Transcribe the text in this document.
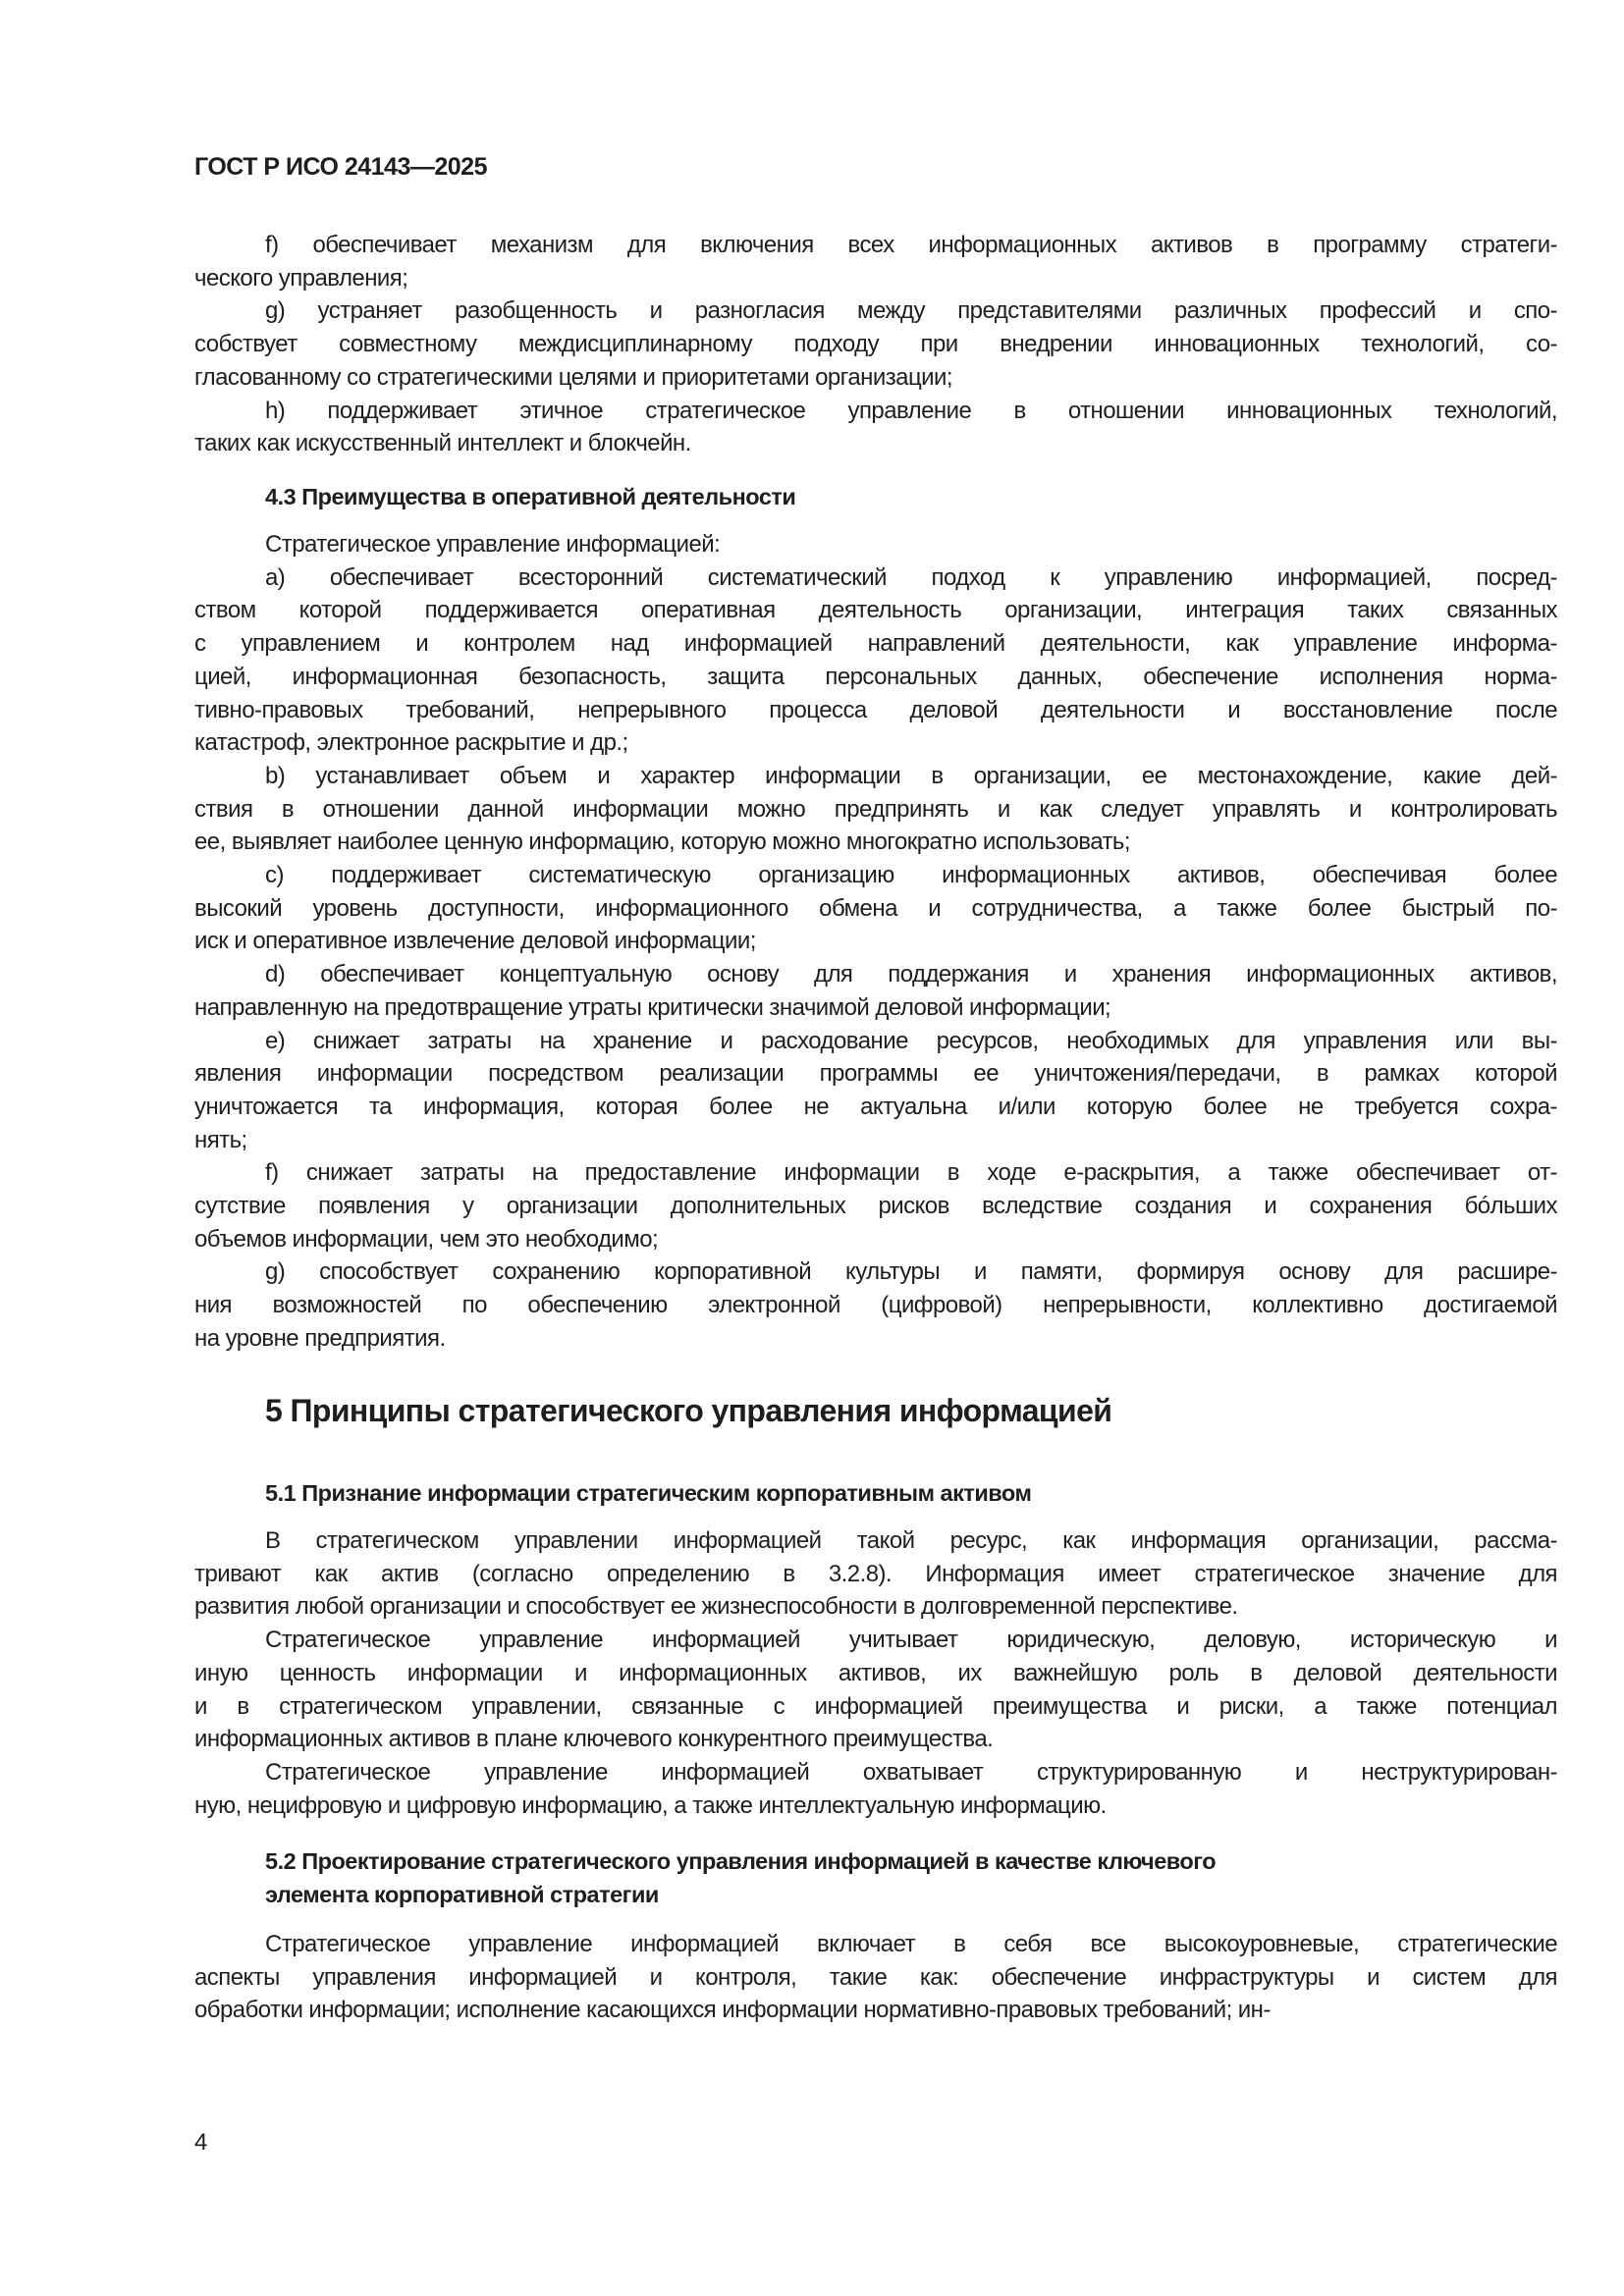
ГОСТ Р ИСО 24143—2025
f) обеспечивает механизм для включения всех информационных активов в программу стратеги-
ческого управления;
g) устраняет разобщенность и разногласия между представителями различных профессий и спо-
собствует совместному междисциплинарному подходу при внедрении инновационных технологий, со-
гласованному со стратегическими целями и приоритетами организации;
h) поддерживает этичное стратегическое управление в отношении инновационных технологий,
таких как искусственный интеллект и блокчейн.
4.3 Преимущества в оперативной деятельности
Стратегическое управление информацией:
a) обеспечивает всесторонний систематический подход к управлению информацией, посред-
ством которой поддерживается оперативная деятельность организации, интеграция таких связанных
с управлением и контролем над информацией направлений деятельности, как управление информа-
цией, информационная безопасность, защита персональных данных, обеспечение исполнения норма-
тивно-правовых требований, непрерывного процесса деловой деятельности и восстановление после
катастроф, электронное раскрытие и др.;
b) устанавливает объем и характер информации в организации, ее местонахождение, какие дей-
ствия в отношении данной информации можно предпринять и как следует управлять и контролировать
ее, выявляет наиболее ценную информацию, которую можно многократно использовать;
c) поддерживает систематическую организацию информационных активов, обеспечивая более
высокий уровень доступности, информационного обмена и сотрудничества, а также более быстрый по-
иск и оперативное извлечение деловой информации;
d) обеспечивает концептуальную основу для поддержания и хранения информационных активов,
направленную на предотвращение утраты критически значимой деловой информации;
e) снижает затраты на хранение и расходование ресурсов, необходимых для управления или вы-
явления информации посредством реализации программы ее уничтожения/передачи, в рамках которой
уничтожается та информация, которая более не актуальна и/или которую более не требуется сохра-
нять;
f) снижает затраты на предоставление информации в ходе e-раскрытия, а также обеспечивает от-
сутствие появления у организации дополнительных рисков вследствие создания и сохранения бóльших
объемов информации, чем это необходимо;
g) способствует сохранению корпоративной культуры и памяти, формируя основу для расшире-
ния возможностей по обеспечению электронной (цифровой) непрерывности, коллективно достигаемой
на уровне предприятия.
5 Принципы стратегического управления информацией
5.1 Признание информации стратегическим корпоративным активом
В стратегическом управлении информацией такой ресурс, как информация организации, рассма-
тривают как актив (согласно определению в 3.2.8). Информация имеет стратегическое значение для
развития любой организации и способствует ее жизнеспособности в долговременной перспективе.
Стратегическое управление информацией учитывает юридическую, деловую, историческую и
иную ценность информации и информационных активов, их важнейшую роль в деловой деятельности
и в стратегическом управлении, связанные с информацией преимущества и риски, а также потенциал
информационных активов в плане ключевого конкурентного преимущества.
Стратегическое управление информацией охватывает структурированную и неструктурирован-
ную, нецифровую и цифровую информацию, а также интеллектуальную информацию.
5.2 Проектирование стратегического управления информацией в качестве ключевого
элемента корпоративной стратегии
Стратегическое управление информацией включает в себя все высокоуровневые, стратегические
аспекты управления информацией и контроля, такие как: обеспечение инфраструктуры и систем для
обработки информации; исполнение касающихся информации нормативно-правовых требований; ин-
4
